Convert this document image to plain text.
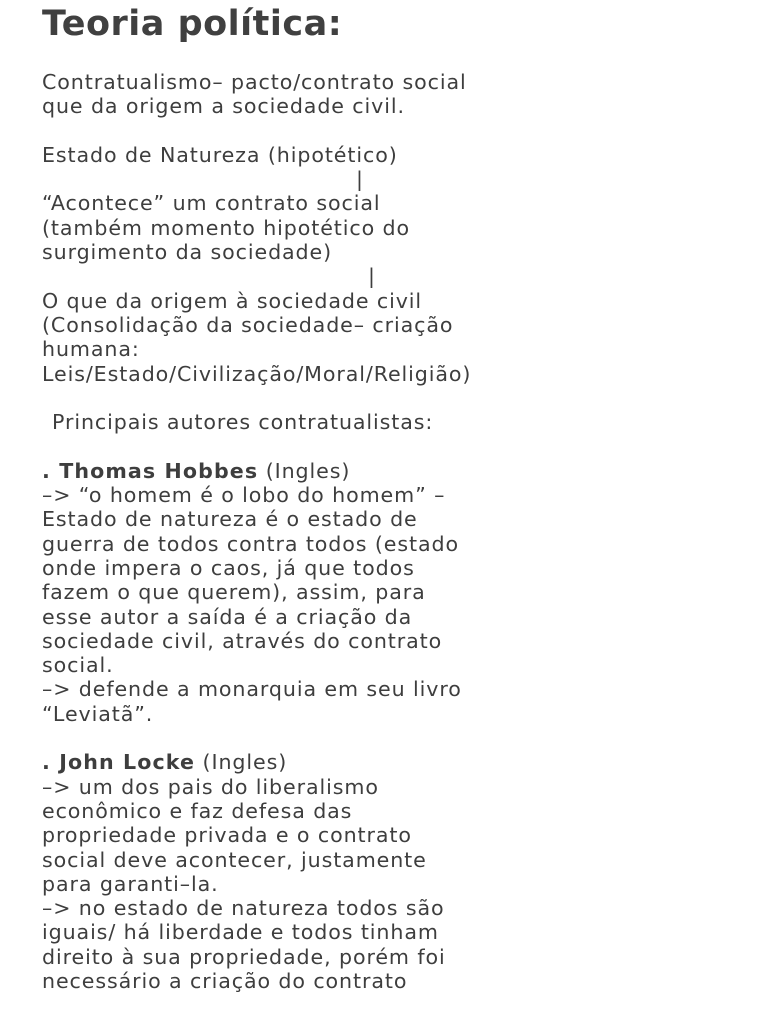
Teoria política:
Contratualismo– pacto/contrato social
que da origem a sociedade civil.
Estado de Natureza (hipotético)
|
“Acontece” um contrato social
(também momento hipotético do
surgimento da sociedade)
|
O que da origem à sociedade civil
(Consolidação da sociedade– criação
humana:
Leis/Estado/Civilização/Moral/Religião)
Principais autores contratualistas:
. Thomas Hobbes (Ingles)
–> “o homem é o lobo do homem” –
Estado de natureza é o estado de
guerra de todos contra todos (estado
onde impera o caos, já que todos
fazem o que querem), assim, para
esse autor a saída é a criação da
sociedade civil, através do contrato
social.
–> defende a monarquia em seu livro
“Leviatã”.
. John Locke (Ingles)
–> um dos pais do liberalismo
econômico e faz defesa das
propriedade privada e o contrato
social deve acontecer, justamente
para garanti–la.
–> no estado de natureza todos são
iguais/ há liberdade e todos tinham
direito à sua propriedade, porém foi
necessário a criação do contrato
